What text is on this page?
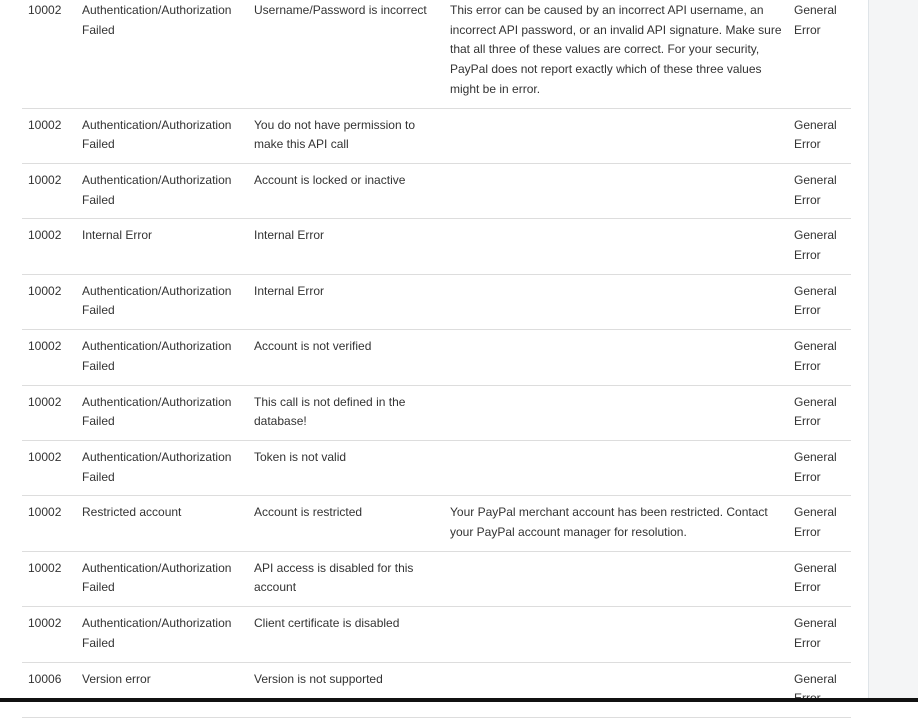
10002	Authentication/Authorization Failed	Username/Password is incorrect	This error can be caused by an incorrect API username, an incorrect API password, or an invalid API signature. Make sure that all three of these values are correct. For your security, PayPal does not report exactly which of these three values might be in error.	General Error
10002	Authentication/Authorization Failed	You do not have permission to make this API call		General Error
10002	Authentication/Authorization Failed	Account is locked or inactive		General Error
10002	Internal Error	Internal Error		General Error
10002	Authentication/Authorization Failed	Internal Error		General Error
10002	Authentication/Authorization Failed	Account is not verified		General Error
10002	Authentication/Authorization Failed	This call is not defined in the database!		General Error
10002	Authentication/Authorization Failed	Token is not valid		General Error
10002	Restricted account	Account is restricted	Your PayPal merchant account has been restricted. Contact your PayPal account manager for resolution.	General Error
10002	Authentication/Authorization Failed	API access is disabled for this account		General Error
10002	Authentication/Authorization Failed	Client certificate is disabled		General Error
10006	Version error	Version is not supported		General
